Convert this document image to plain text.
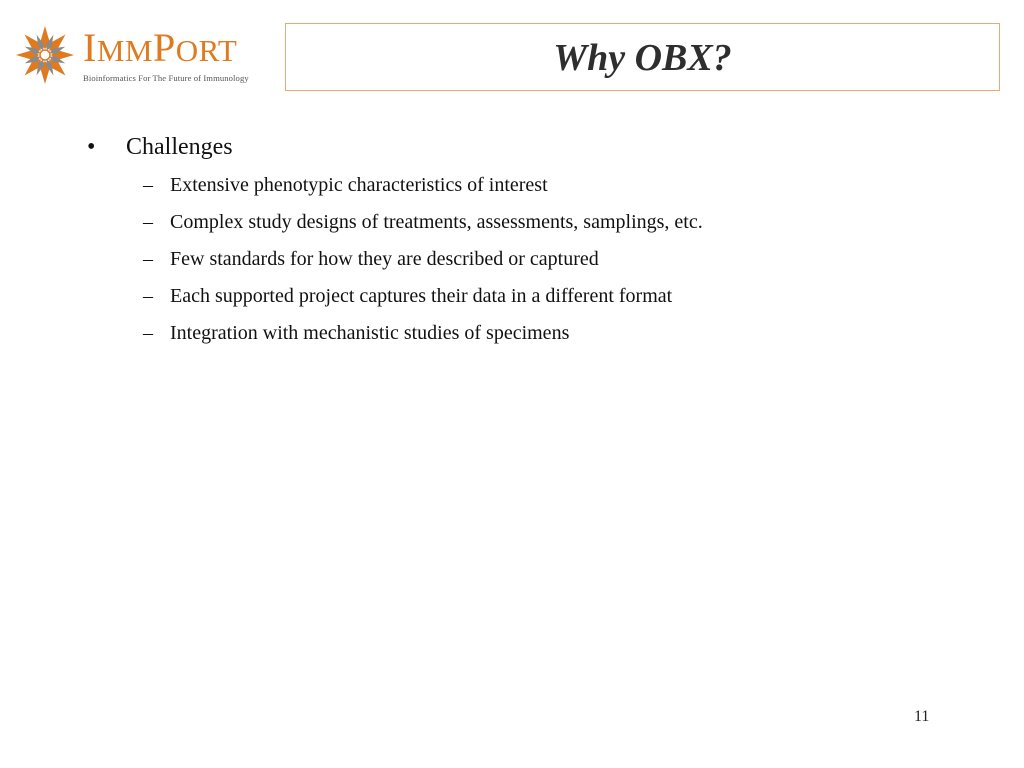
IMMPORT
Bioinformatics For The Future of Immunology	Why OBX?
• Challenges
– Extensive phenotypic characteristics of interest
– Complex study designs of treatments, assessments, samplings, etc.
– Few standards for how they are described or captured
– Each supported project captures their data in a different format
– Integration with mechanistic studies of specimens
11
